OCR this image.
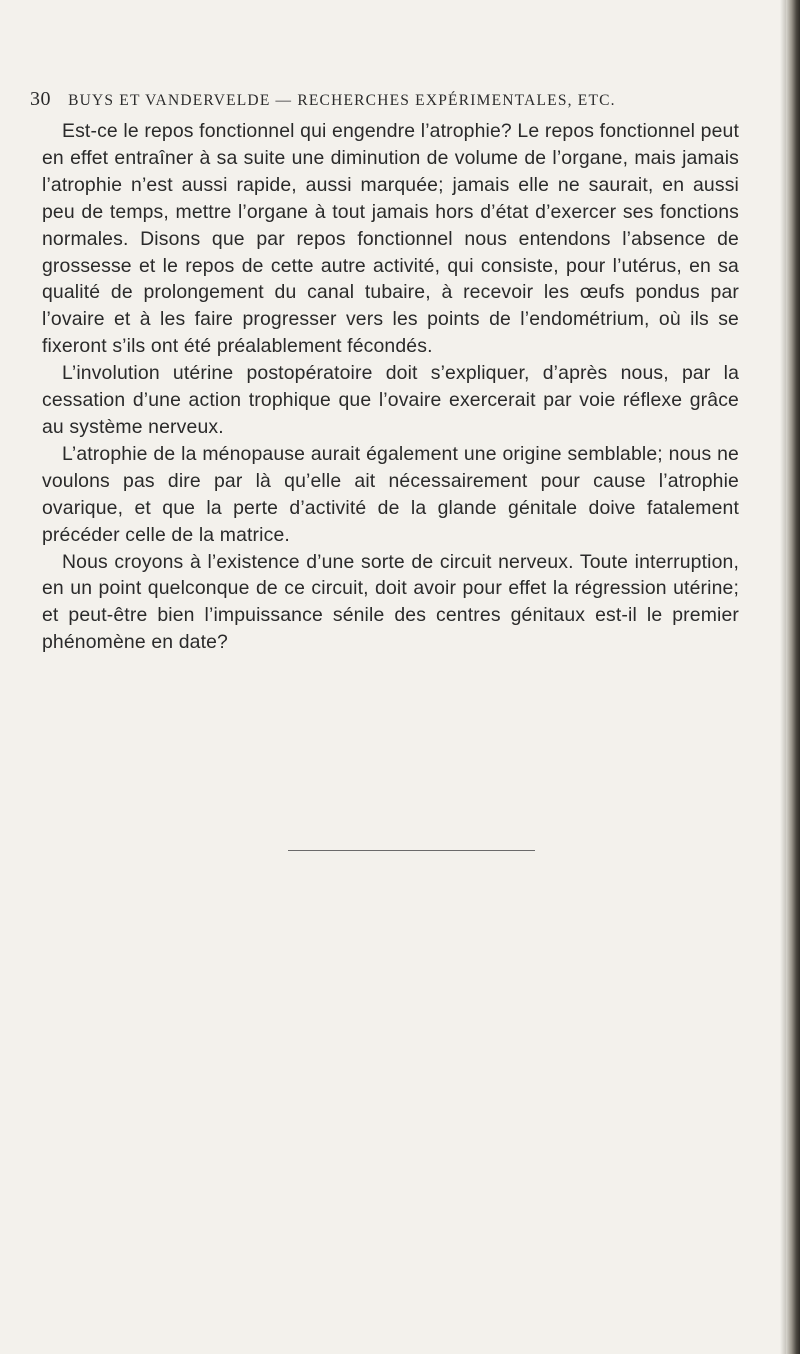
30 BUYS ET VANDERVELDE — RECHERCHES EXPÉRIMENTALES, ETC.

Est-ce le repos fonctionnel qui engendre l’atrophie? Le repos fonctionnel peut en effet entraîner à sa suite une diminution de volume de l’organe, mais jamais l’atrophie n’est aussi rapide, aussi marquée; jamais elle ne saurait, en aussi peu de temps, mettre l’organe à tout jamais hors d’état d’exercer ses fonctions normales. Disons que par repos fonctionnel nous entendons l’absence de grossesse et le repos de cette autre activité, qui consiste, pour l’utérus, en sa qualité de prolongement du canal tubaire, à recevoir les œufs pondus par l’ovaire et à les faire progresser vers les points de l’endométrium, où ils se fixeront s’ils ont été préalablement fécondés.

L’involution utérine postopératoire doit s’expliquer, d’après nous, par la cessation d’une action trophique que l’ovaire exercerait par voie réflexe grâce au système nerveux.

L’atrophie de la ménopause aurait également une origine semblable; nous ne voulons pas dire par là qu’elle ait nécessairement pour cause l’atrophie ovarique, et que la perte d’activité de la glande génitale doive fatalement précéder celle de la matrice.

Nous croyons à l’existence d’une sorte de circuit nerveux. Toute interruption, en un point quelconque de ce circuit, doit avoir pour effet la régression utérine; et peut-être bien l’impuissance sénile des centres génitaux est-il le premier phénomène en date?
